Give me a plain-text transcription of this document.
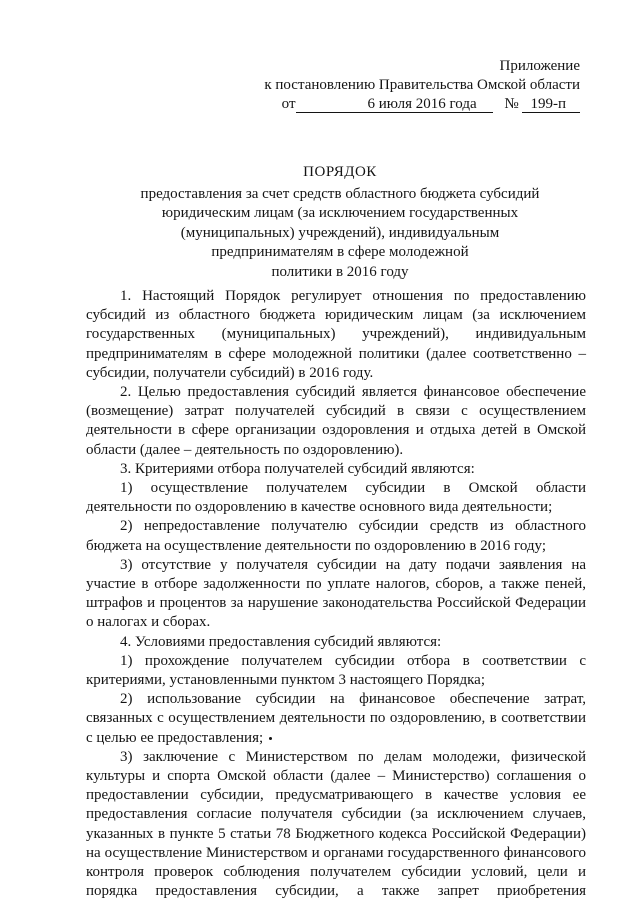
Приложение
к постановлению Правительства Омской области
от	6 июля 2016 года № 199-п
ПОРЯДОК
предоставления за счет средств областного бюджета субсидий
юридическим лицам (за исключением государственных
(муниципальных) учреждений), индивидуальным
предпринимателям в сфере молодежной
политики в 2016 году

1. Настоящий Порядок регулирует отношения по предоставлению субсидий из областного бюджета юридическим лицам (за исключением государственных (муниципальных) учреждений), индивидуальным предпринимателям в сфере молодежной политики (далее соответственно – субсидии, получатели субсидий) в 2016 году.

2. Целью предоставления субсидий является финансовое обеспечение (возмещение) затрат получателей субсидий в связи с осуществлением деятельности в сфере организации оздоровления и отдыха детей в Омской области (далее – деятельность по оздоровлению).

3. Критериями отбора получателей субсидий являются:

1) осуществление получателем субсидии в Омской области деятельности по оздоровлению в качестве основного вида деятельности;

2) непредоставление получателю субсидии средств из областного бюджета на осуществление деятельности по оздоровлению в 2016 году;

3) отсутствие у получателя субсидии на дату подачи заявления на участие в отборе задолженности по уплате налогов, сборов, а также пеней, штрафов и процентов за нарушение законодательства Российской Федерации о налогах и сборах.

4. Условиями предоставления субсидий являются:

1) прохождение получателем субсидии отбора в соответствии с критериями, установленными пунктом 3 настоящего Порядка;

2) использование субсидии на финансовое обеспечение затрат, связанных с осуществлением деятельности по оздоровлению, в соответствии с целью ее предоставления;

3) заключение с Министерством по делам молодежи, физической культуры и спорта Омской области (далее – Министерство) соглашения о предоставлении субсидии, предусматривающего в качестве условия ее предоставления согласие получателя субсидии (за исключением случаев, указанных в пункте 5 статьи 78 Бюджетного кодекса Российской Федерации) на осуществление Министерством и органами государственного финансового контроля проверок соблюдения получателем субсидии условий, цели и порядка предоставления субсидии, а также запрет приобретения
